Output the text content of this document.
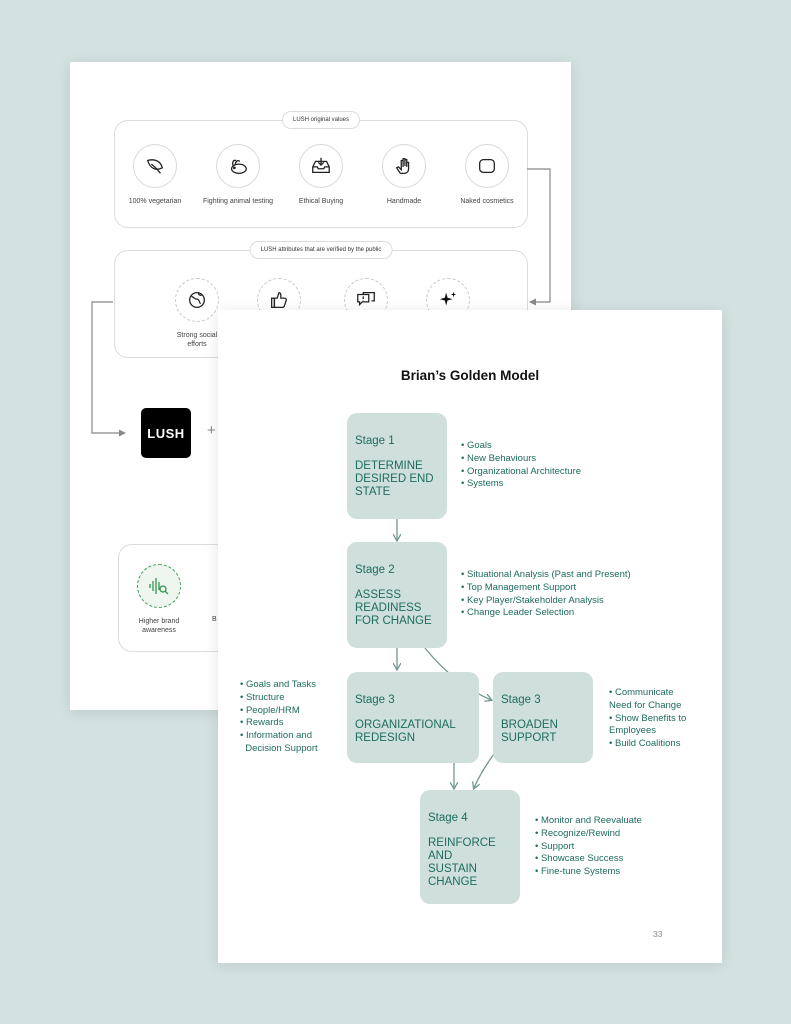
LUSH original values
100% vegetarian	Fighting animal testing	Ethical Buying	Handmade	Naked cosmetics
LUSH attributes that are verified by the public
Strong social efforts
LUSH	+
Higher brand awareness
B
Brian’s Golden Model
Stage 1
DETERMINE
DESIRED END
STATE
• Goals
• New Behaviours
• Organizational Architecture
• Systems
Stage 2
ASSESS
READINESS
FOR CHANGE
• Situational Analysis (Past and Present)
• Top Management Support
• Key Player/Stakeholder Analysis
• Change Leader Selection
Stage 3
ORGANIZATIONAL
REDESIGN
• Goals and Tasks
• Structure
• People/HRM
• Rewards
• Information and
Decision Support
Stage 3
BROADEN
SUPPORT
• Communicate
Need for Change
• Show Benefits to
Employees
• Build Coalitions
Stage 4
REINFORCE
AND
SUSTAIN
CHANGE
• Monitor and Reevaluate
• Recognize/Rewind
• Support
• Showcase Success
• Fine-tune Systems
33
